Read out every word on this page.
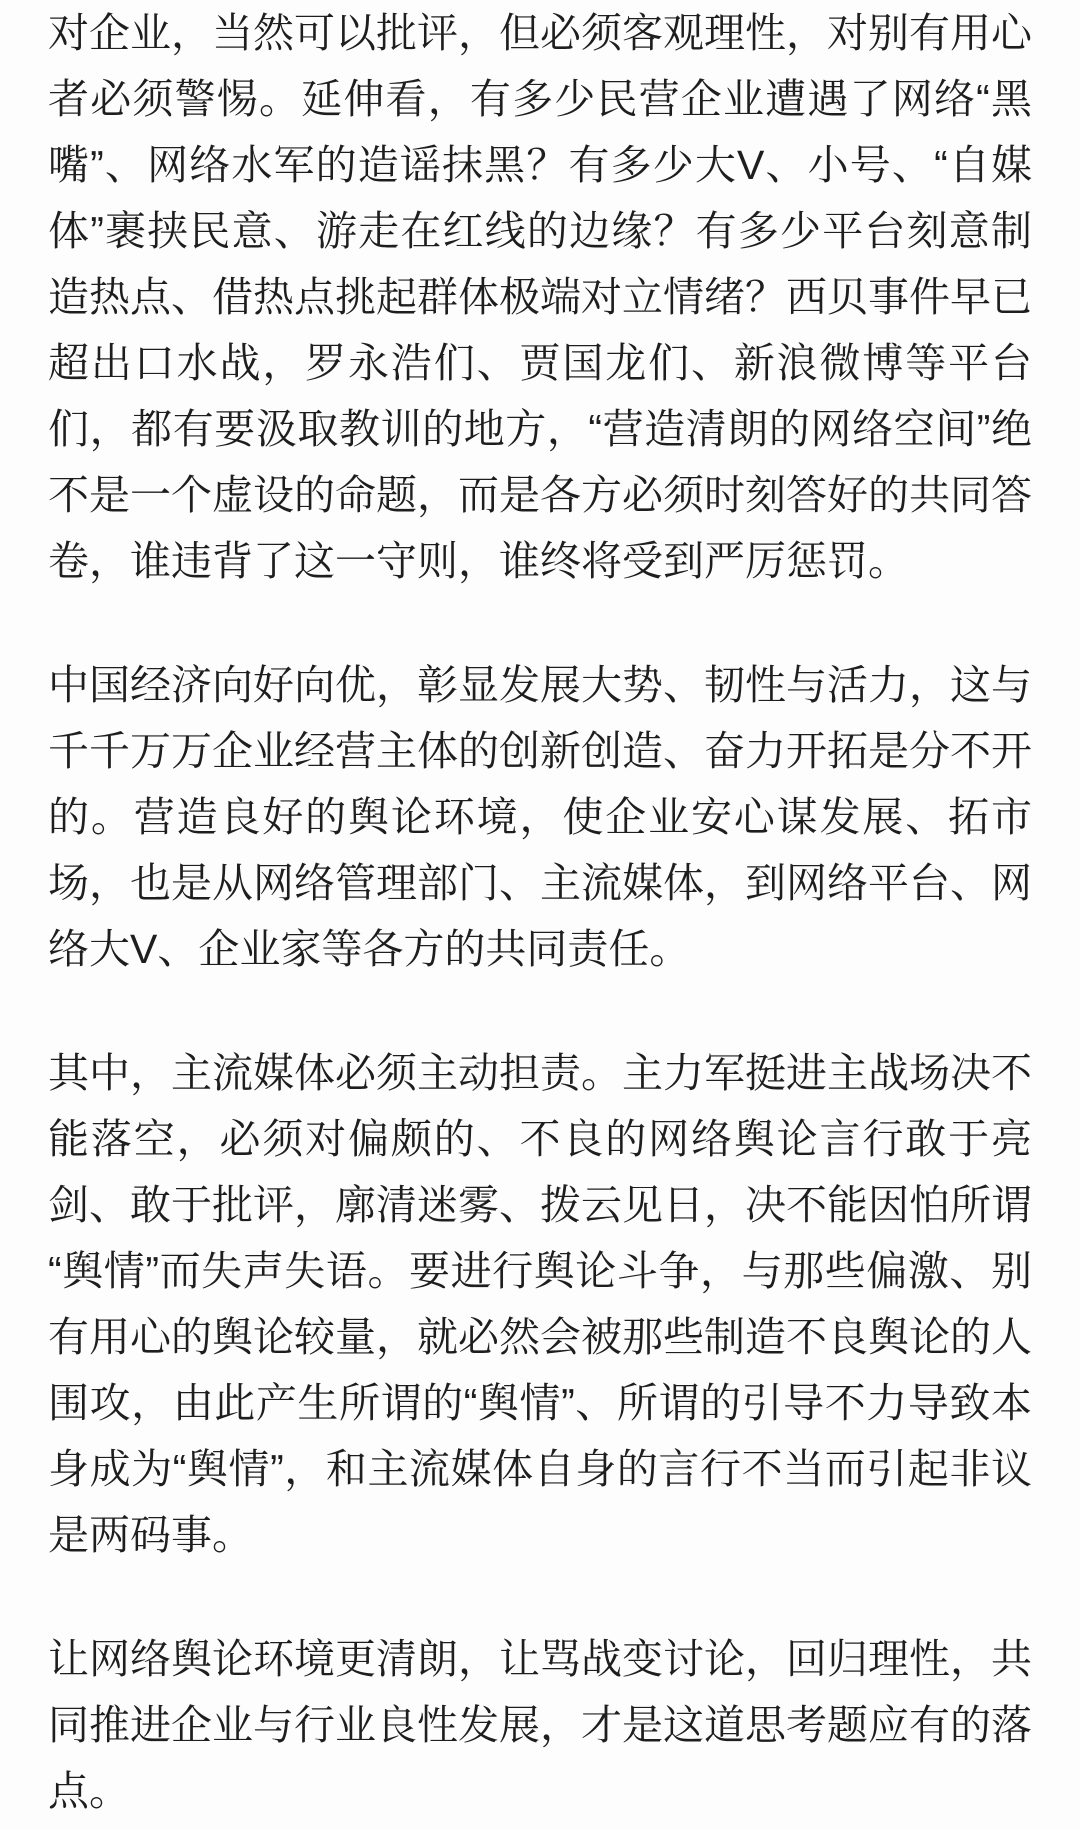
对企业，当然可以批评，但必须客观理性，对别有用心
者必须警惕。延伸看，有多少民营企业遭遇了网络“黑
嘴”、网络水军的造谣抹黑？有多少大V、小号、“自媒
体”裹挟民意、游走在红线的边缘？有多少平台刻意制
造热点、借热点挑起群体极端对立情绪？西贝事件早已
超出口水战，罗永浩们、贾国龙们、新浪微博等平台
们，都有要汲取教训的地方，“营造清朗的网络空间”绝
不是一个虚设的命题，而是各方必须时刻答好的共同答
卷，谁违背了这一守则，谁终将受到严厉惩罚。

中国经济向好向优，彰显发展大势、韧性与活力，这与
千千万万企业经营主体的创新创造、奋力开拓是分不开
的。营造良好的舆论环境，使企业安心谋发展、拓市
场，也是从网络管理部门、主流媒体，到网络平台、网
络大V、企业家等各方的共同责任。

其中，主流媒体必须主动担责。主力军挺进主战场决不
能落空，必须对偏颇的、不良的网络舆论言行敢于亮
剑、敢于批评，廓清迷雾、拨云见日，决不能因怕所谓
“舆情”而失声失语。要进行舆论斗争，与那些偏激、别
有用心的舆论较量，就必然会被那些制造不良舆论的人
围攻，由此产生所谓的“舆情”、所谓的引导不力导致本
身成为“舆情”，和主流媒体自身的言行不当而引起非议
是两码事。

让网络舆论环境更清朗，让骂战变讨论，回归理性，共
同推进企业与行业良性发展，才是这道思考题应有的落
点。
